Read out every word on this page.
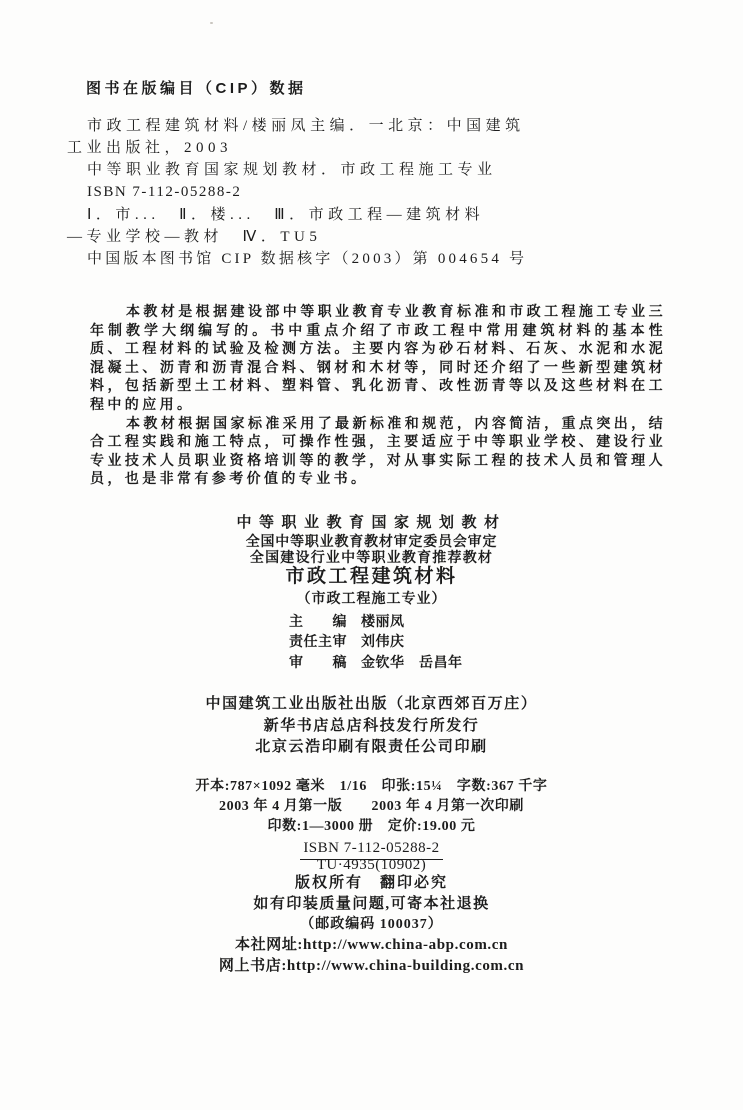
图书在版编目（CIP）数据
市政工程建筑材料/楼丽凤主编．一北京：中国建筑
工业出版社，2003
中等职业教育国家规划教材．市政工程施工专业
ISBN 7-112-05288-2
Ⅰ．市...　Ⅱ．楼...　Ⅲ．市政工程—建筑材料
—专业学校—教材　Ⅳ．TU5
中国版本图书馆 CIP 数据核字（2003）第 004654 号

本教材是根据建设部中等职业教育专业教育标准和市政工程施工专业三年制教学大纲编写的。书中重点介绍了市政工程中常用建筑材料的基本性质、工程材料的试验及检测方法。主要内容为砂石材料、石灰、水泥和水泥混凝土、沥青和沥青混合料、钢材和木材等，同时还介绍了一些新型建筑材料，包括新型土工材料、塑料管、乳化沥青、改性沥青等以及这些材料在工程中的应用。

本教材根据国家标准采用了最新标准和规范，内容简洁，重点突出，结合工程实践和施工特点，可操作性强，主要适应于中等职业学校、建设行业专业技术人员职业资格培训等的教学，对从事实际工程的技术人员和管理人员，也是非常有参考价值的专业书。

中等职业教育国家规划教材
全国中等职业教育教材审定委员会审定
全国建设行业中等职业教育推荐教材
市政工程建筑材料
（市政工程施工专业）
主　　编 楼丽凤
责任主审 刘伟庆
审　　稿 金钦华　岳昌年
中国建筑工业出版社出版（北京西郊百万庄）
新华书店总店科技发行所发行
北京云浩印刷有限责任公司印刷
开本:787×1092 毫米　1/16　印张:15¼　字数:367 千字
2003 年 4 月第一版　　2003 年 4 月第一次印刷
印数:1—3000 册　定价:19.00 元
ISBN 7-112-05288-2
TU·4935(10902)
版权所有　翻印必究
如有印装质量问题,可寄本社退换
（邮政编码 100037）
本社网址:http://www.china-abp.com.cn
网上书店:http://www.china-building.com.cn
